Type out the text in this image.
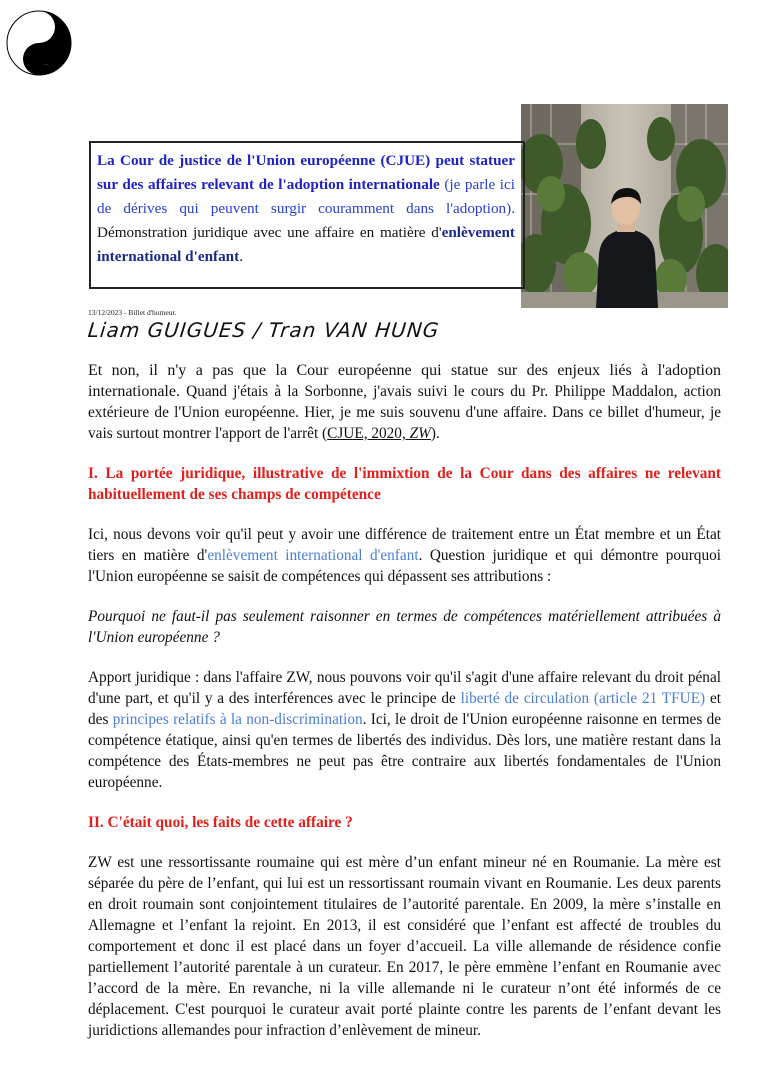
...
...
La Cour de justice de l'Union européenne (CJUE) peut statuer sur des affaires relevant de l'adoption internationale (je parle ici de dérives qui peuvent surgir couramment dans l'adoption). Démonstration juridique avec une affaire en matière d'enlèvement international d'enfant.
13/12/2023 - Billet d'humeur.
Liam GUIGUES / Tran VAN HUNG

Et non, il n'y a pas que la Cour européenne qui statue sur des enjeux liés à l'adoption internationale. Quand j'étais à la Sorbonne, j'avais suivi le cours du Pr. Philippe Maddalon, action extérieure de l'Union européenne. Hier, je me suis souvenu d'une affaire. Dans ce billet d'humeur, je vais surtout montrer l'apport de l'arrêt (CJUE, 2020, ZW).

I. La portée juridique, illustrative de l'immixtion de la Cour dans des affaires ne relevant habituellement de ses champs de compétence

Ici, nous devons voir qu'il peut y avoir une différence de traitement entre un État membre et un État tiers en matière d'enlèvement international d'enfant. Question juridique et qui démontre pourquoi l'Union européenne se saisit de compétences qui dépassent ses attributions :

Pourquoi ne faut-il pas seulement raisonner en termes de compétences matériellement attribuées à l'Union européenne ?

Apport juridique : dans l'affaire ZW, nous pouvons voir qu'il s'agit d'une affaire relevant du droit pénal d'une part, et qu'il y a des interférences avec le principe de liberté de circulation (article 21 TFUE) et des principes relatifs à la non-discrimination. Ici, le droit de l'Union européenne raisonne en termes de compétence étatique, ainsi qu'en termes de libertés des individus. Dès lors, une matière restant dans la compétence des États-membres ne peut pas être contraire aux libertés fondamentales de l'Union européenne.

II. C'était quoi, les faits de cette affaire ?

ZW est une ressortissante roumaine qui est mère d’un enfant mineur né en Roumanie. La mère est séparée du père de l’enfant, qui lui est un ressortissant roumain vivant en Roumanie. Les deux parents en droit roumain sont conjointement titulaires de l’autorité parentale. En 2009, la mère s’installe en Allemagne et l’enfant la rejoint. En 2013, il est considéré que l’enfant est affecté de troubles du comportement et donc il est placé dans un foyer d’accueil. La ville allemande de résidence confie partiellement l’autorité parentale à un curateur. En 2017, le père emmène l’enfant en Roumanie avec l’accord de la mère. En revanche, ni la ville allemande ni le curateur n’ont été informés de ce déplacement. C'est pourquoi le curateur avait porté plainte contre les parents de l’enfant devant les juridictions allemandes pour infraction d’enlèvement de mineur.
